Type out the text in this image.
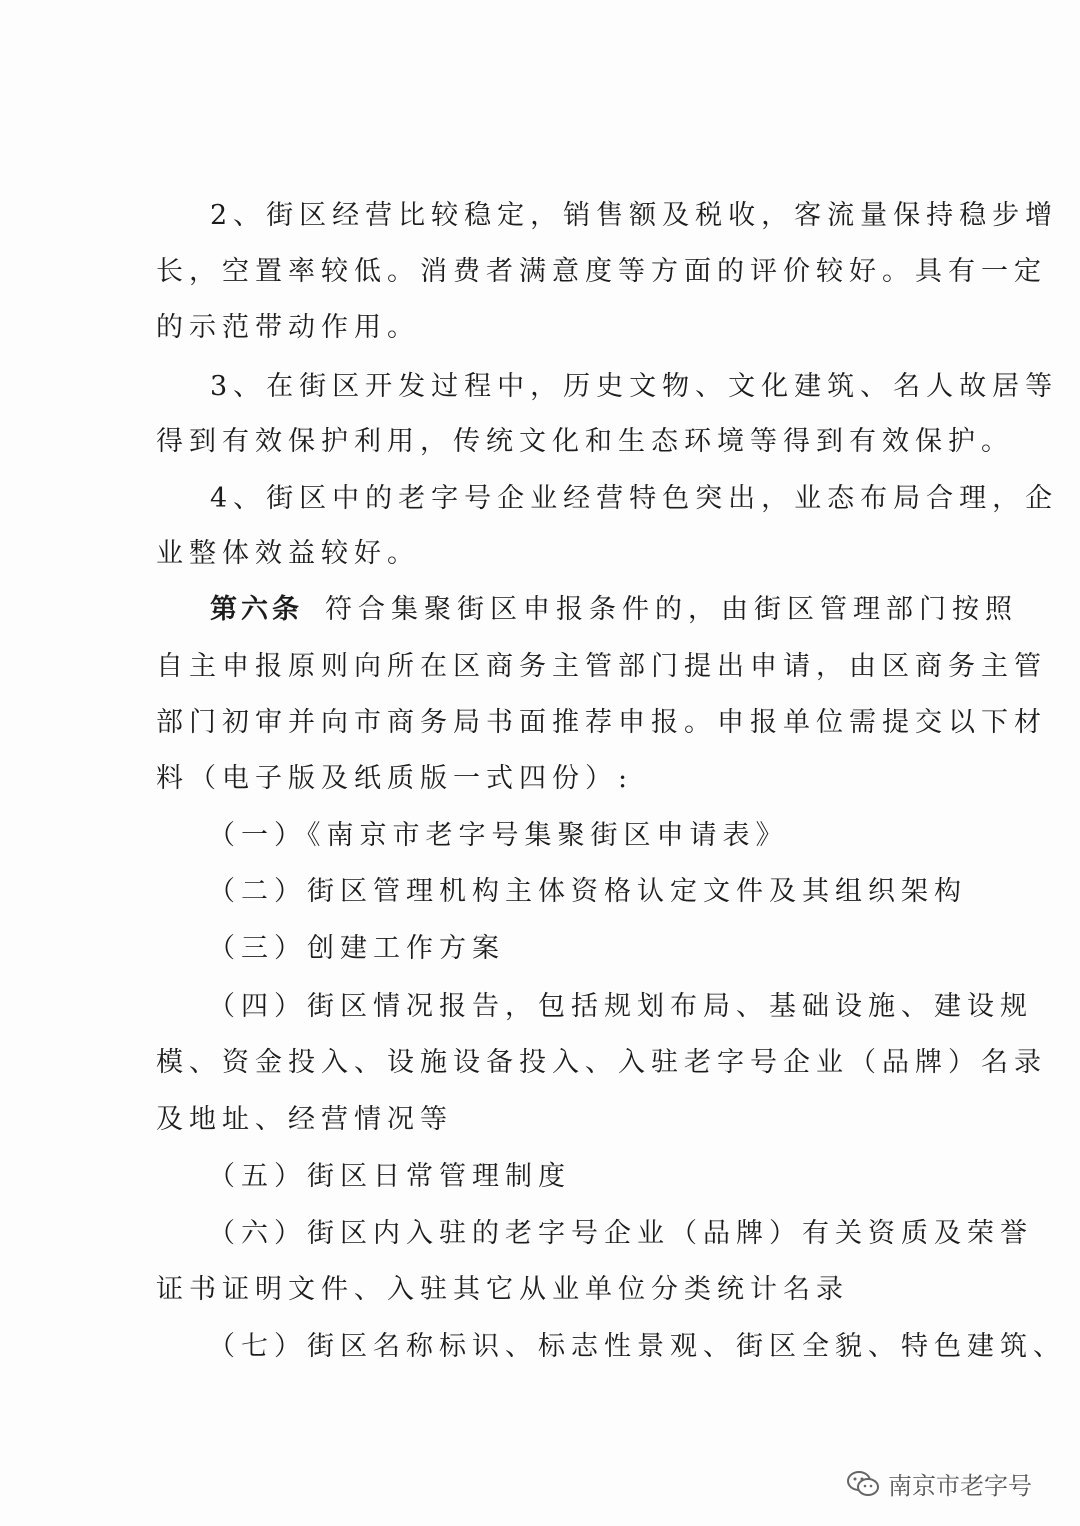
2、街区经营比较稳定，销售额及税收，客流量保持稳步增
长，空置率较低。消费者满意度等方面的评价较好。具有一定
的示范带动作用。
3、在街区开发过程中，历史文物、文化建筑、名人故居等
得到有效保护利用，传统文化和生态环境等得到有效保护。
4、街区中的老字号企业经营特色突出，业态布局合理，企
业整体效益较好。
第六条 符合集聚街区申报条件的，由街区管理部门按照
自主申报原则向所在区商务主管部门提出申请，由区商务主管
部门初审并向市商务局书面推荐申报。申报单位需提交以下材
料（电子版及纸质版一式四份）:
（一）《南京市老字号集聚街区申请表》
（二）街区管理机构主体资格认定文件及其组织架构
（三）创建工作方案
（四）街区情况报告，包括规划布局、基础设施、建设规
模、资金投入、设施设备投入、入驻老字号企业（品牌）名录
及地址、经营情况等
（五）街区日常管理制度
（六）街区内入驻的老字号企业（品牌）有关资质及荣誉
证书证明文件、入驻其它从业单位分类统计名录
（七）街区名称标识、标志性景观、街区全貌、特色建筑、
南京市老字号
